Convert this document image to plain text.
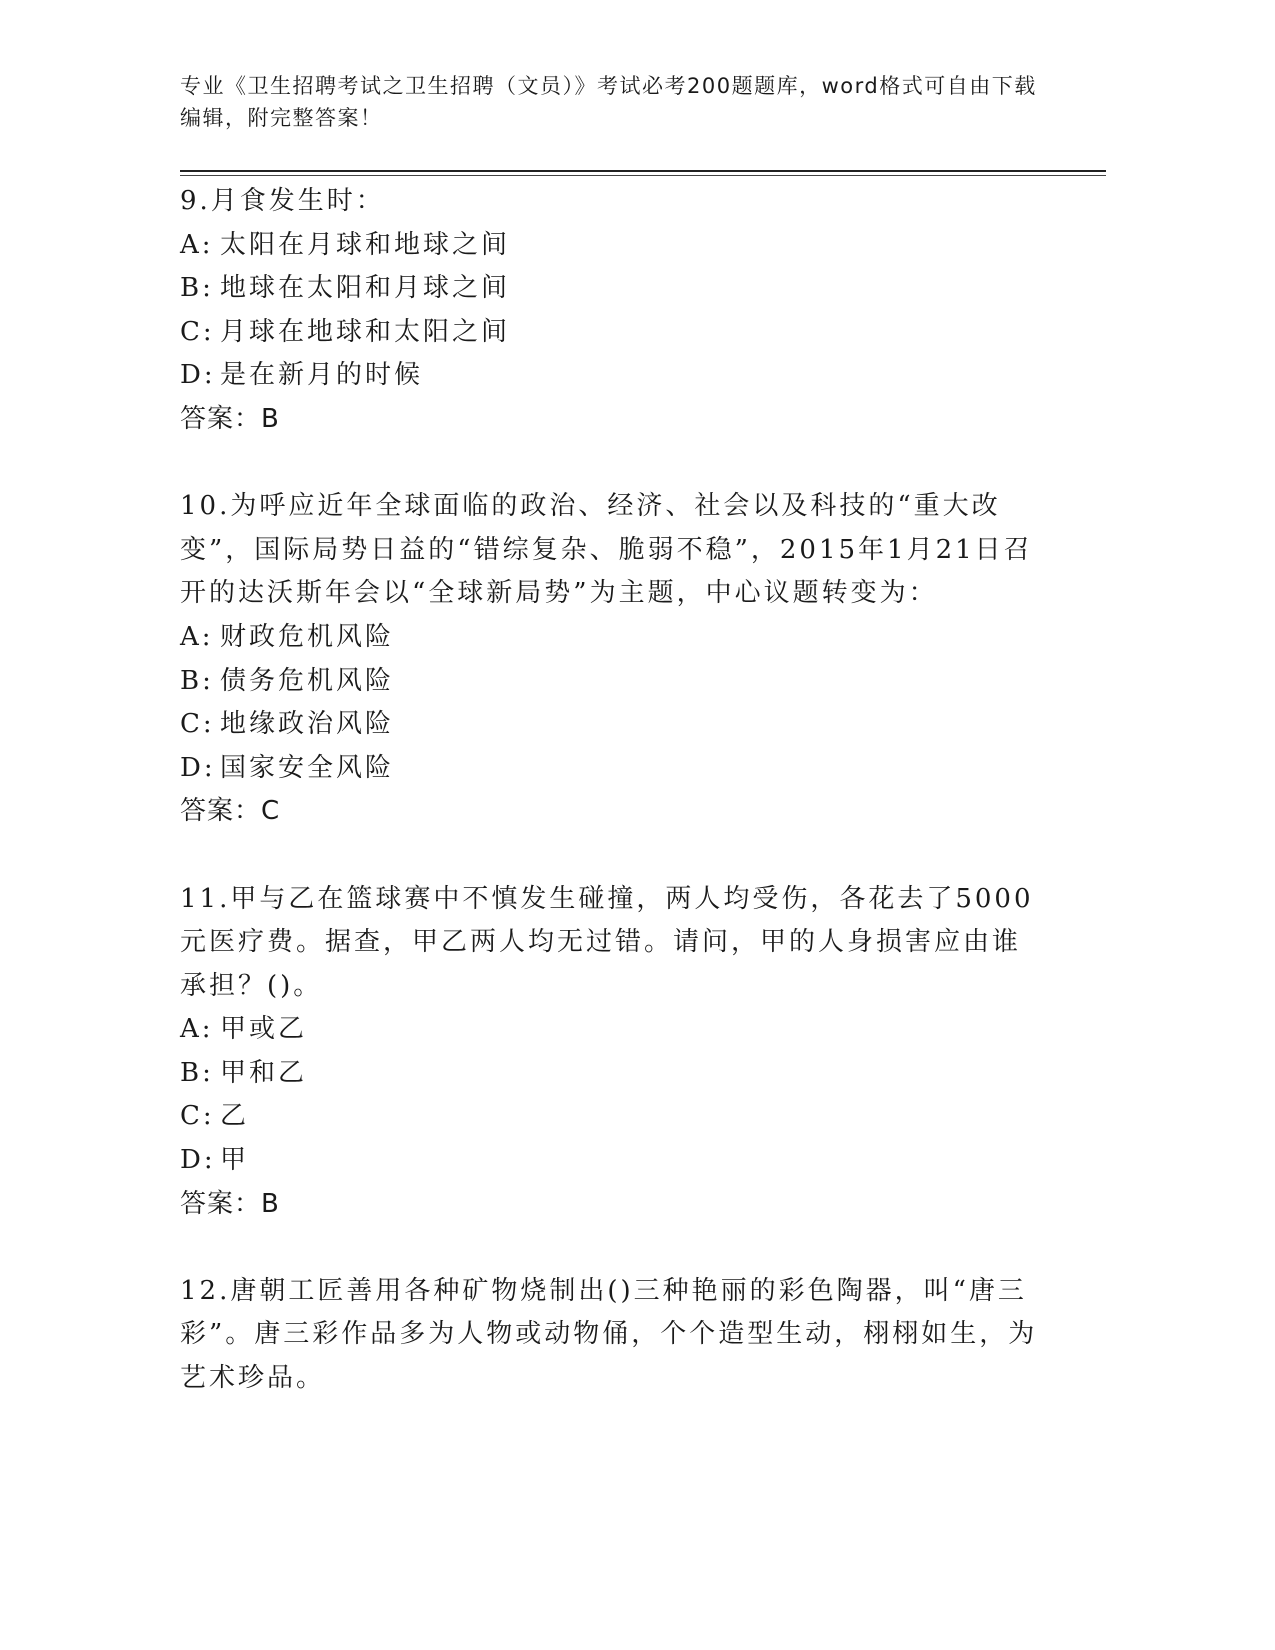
专业《卫生招聘考试之卫生招聘（文员）》考试必考200题题库，word格式可自由下载编辑，附完整答案！

9.月食发生时：

A: 太阳在月球和地球之间

B: 地球在太阳和月球之间

C: 月球在地球和太阳之间

D: 是在新月的时候

答案：B

10.为呼应近年全球面临的政治、经济、社会以及科技的“重大改变”，国际局势日益的“错综复杂、脆弱不稳”，2015年1月21日召开的达沃斯年会以“全球新局势”为主题，中心议题转变为：

A: 财政危机风险

B: 债务危机风险

C: 地缘政治风险

D: 国家安全风险

答案：C

11.甲与乙在篮球赛中不慎发生碰撞，两人均受伤，各花去了5000元医疗费。据查，甲乙两人均无过错。请问，甲的人身损害应由谁承担？()。

A: 甲或乙

B: 甲和乙

C: 乙

D: 甲

答案：B

12.唐朝工匠善用各种矿物烧制出()三种艳丽的彩色陶器，叫“唐三彩”。唐三彩作品多为人物或动物俑，个个造型生动，栩栩如生，为艺术珍品。
